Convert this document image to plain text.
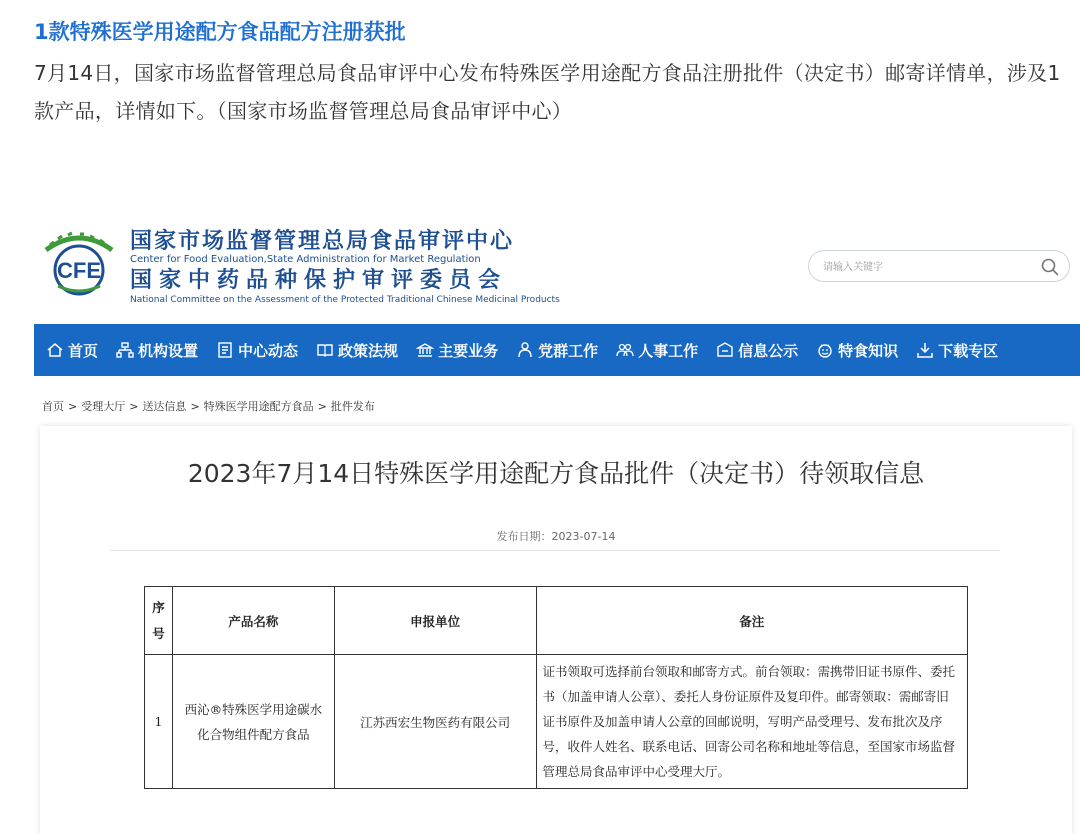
1款特殊医学用途配方食品配方注册获批
7月14日，国家市场监督管理总局食品审评中心发布特殊医学用途配方食品注册批件（决定书）邮寄详情单，涉及1款产品，详情如下。（国家市场监督管理总局食品审评中心）
CFE
国家市场监督管理总局食品审评中心
Center for Food Evaluation,State Administration for Market Regulation
国家中药品种保护审评委员会
National Committee on the Assessment of the Protected Traditional Chinese Medicinal Products
请输入关键字
首页	机构设置	中心动态	政策法规	主要业务	党群工作	人事工作	信息公示	特食知识	下载专区
首页 > 受理大厅 > 送达信息 > 特殊医学用途配方食品 > 批件发布
2023年7月14日特殊医学用途配方食品批件（决定书）待领取信息
发布日期：2023-07-14
序号	产品名称	申报单位	备注
1	西沁®特殊医学用途碳水化合物组件配方食品	江苏西宏生物医药有限公司	证书领取可选择前台领取和邮寄方式。前台领取：需携带旧证书原件、委托书（加盖申请人公章）、委托人身份证原件及复印件。邮寄领取：需邮寄旧证书原件及加盖申请人公章的回邮说明，写明产品受理号、发布批次及序号，收件人姓名、联系电话、回寄公司名称和地址等信息，至国家市场监督管理总局食品审评中心受理大厅。
